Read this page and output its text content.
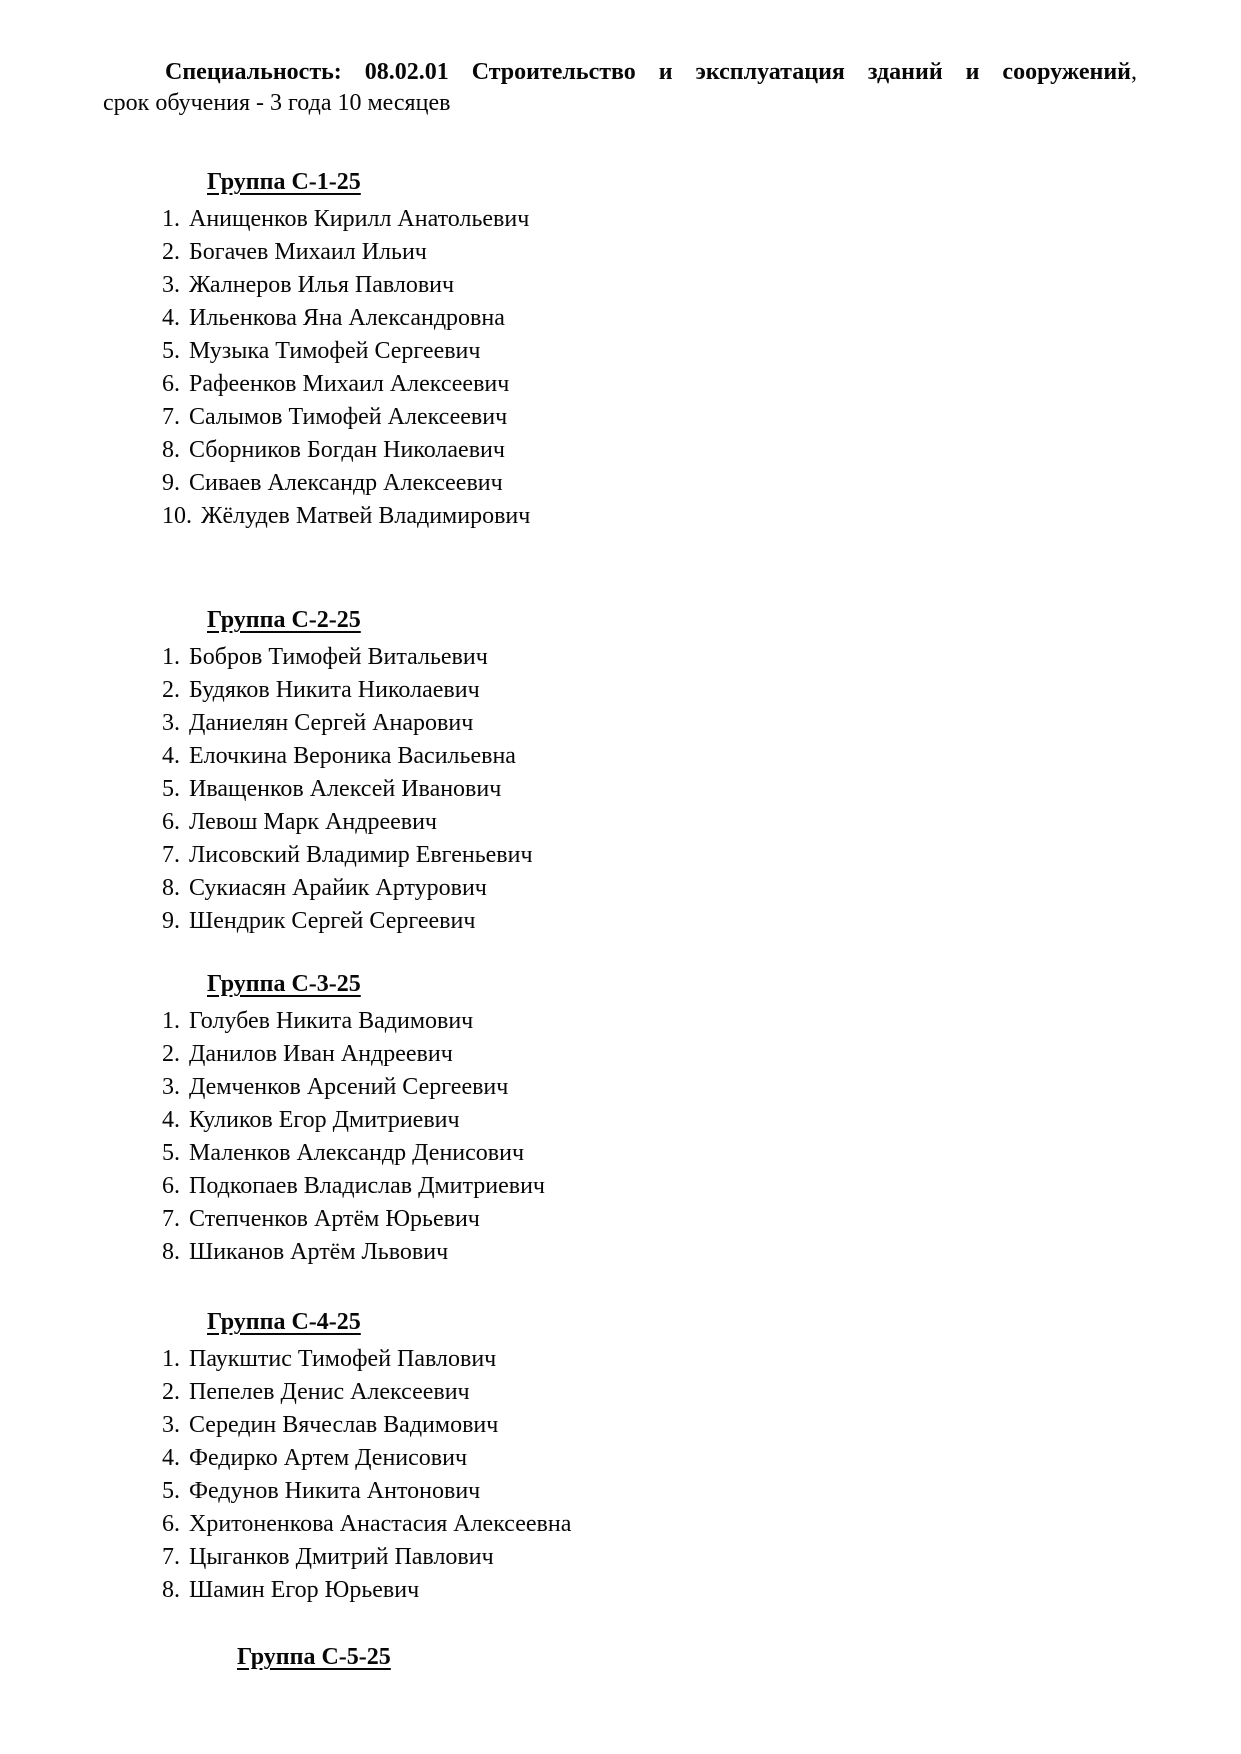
Специальность: 08.02.01 Строительство и эксплуатация зданий и сооружений, срок обучения - 3 года 10 месяцев

Группа С-1-25
1. Анищенков Кирилл Анатольевич
2. Богачев Михаил Ильич
3. Жалнеров Илья Павлович
4. Ильенкова Яна Александровна
5. Музыка Тимофей Сергеевич
6. Рафеенков Михаил Алексеевич
7. Салымов Тимофей Алексеевич
8. Сборников Богдан Николаевич
9. Сиваев Александр Алексеевич
10. Жёлудев Матвей Владимирович
Группа С-2-25
1. Бобров Тимофей Витальевич
2. Будяков Никита Николаевич
3. Даниелян Сергей Анарович
4. Елочкина Вероника Васильевна
5. Иващенков Алексей Иванович
6. Левош Марк Андреевич
7. Лисовский Владимир Евгеньевич
8. Сукиасян Арайик Артурович
9. Шендрик Сергей Сергеевич
Группа С-3-25
1. Голубев Никита Вадимович
2. Данилов Иван Андреевич
3. Демченков Арсений Сергеевич
4. Куликов Егор Дмитриевич
5. Маленков Александр Денисович
6. Подкопаев Владислав Дмитриевич
7. Степченков Артём Юрьевич
8. Шиканов Артём Львович
Группа С-4-25
1. Паукштис Тимофей Павлович
2. Пепелев Денис Алексеевич
3. Середин Вячеслав Вадимович
4. Федирко Артем Денисович
5. Федунов Никита Антонович
6. Хритоненкова Анастасия Алексеевна
7. Цыганков Дмитрий Павлович
8. Шамин Егор Юрьевич
Группа С-5-25
